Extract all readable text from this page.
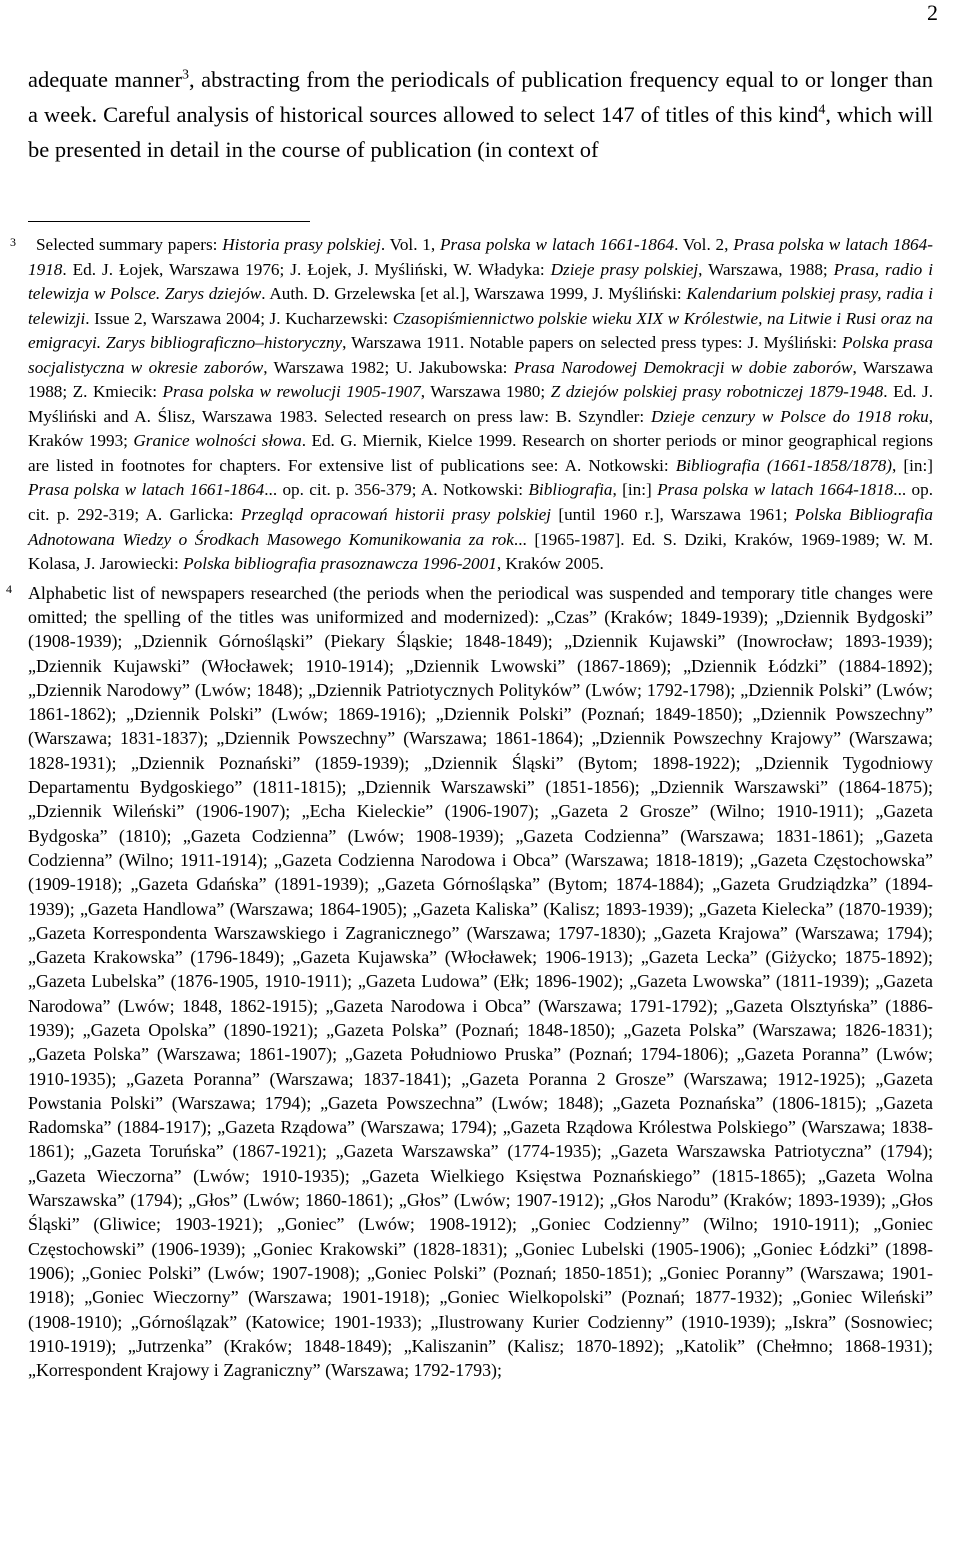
2

adequate manner$^3$, abstracting from the periodicals of publication frequency equal to or longer than a week. Careful analysis of historical sources allowed to select 147 of titles of this kind$^4$, which will be presented in detail in the course of publication (in context of

3 Selected summary papers: Historia prasy polskiej. Vol. 1, Prasa polska w latach 1661-1864. Vol. 2, Prasa polska w latach 1864-1918. Ed. J. Łojek, Warszawa 1976; J. Łojek, J. Myśliński, W. Władyka: Dzieje prasy polskiej, Warszawa, 1988; Prasa, radio i telewizja w Polsce. Zarys dziejów. Auth. D. Grzelewska [et al.], Warszawa 1999, J. Myśliński: Kalendarium polskiej prasy, radia i telewizji. Issue 2, Warszawa 2004; J. Kucharzewski: Czasopiśmiennictwo polskie wieku XIX w Królestwie, na Litwie i Rusi oraz na emigracyi. Zarys bibliograficzno–historyczny, Warszawa 1911. Notable papers on selected press types: J. Myśliński: Polska prasa socjalistyczna w okresie zaborów, Warszawa 1982; U. Jakubowska: Prasa Narodowej Demokracji w dobie zaborów, Warszawa 1988; Z. Kmiecik: Prasa polska w rewolucji 1905-1907, Warszawa 1980; Z dziejów polskiej prasy robotniczej 1879-1948. Ed. J. Myśliński and A. Ślisz, Warszawa 1983. Selected research on press law: B. Szyndler: Dzieje cenzury w Polsce do 1918 roku, Kraków 1993; Granice wolności słowa. Ed. G. Miernik, Kielce 1999. Research on shorter periods or minor geographical regions are listed in footnotes for chapters. For extensive list of publications see: A. Notkowski: Bibliografia (1661-1858/1878), [in:] Prasa polska w latach 1661-1864... op. cit. p. 356-379; A. Notkowski: Bibliografia, [in:] Prasa polska w latach 1664-1818... op. cit. p. 292-319; A. Garlicka: Przegląd opracowań historii prasy polskiej [until 1960 r.], Warszawa 1961; Polska Bibliografia Adnotowana Wiedzy o Środkach Masowego Komunikowania za rok... [1965-1987]. Ed. S. Dziki, Kraków, 1969-1989; W. M. Kolasa, J. Jarowiecki: Polska bibliografia prasoznawcza 1996-2001, Kraków 2005.

4 Alphabetic list of newspapers researched (the periods when the periodical was suspended and temporary title changes were omitted; the spelling of the titles was uniformized and modernized): „Czas” (Kraków; 1849-1939); „Dziennik Bydgoski” (1908-1939); „Dziennik Górnośląski” (Piekary Śląskie; 1848-1849); „Dziennik Kujawski” (Inowrocław; 1893-1939); „Dziennik Kujawski” (Włocławek; 1910-1914); „Dziennik Lwowski” (1867-1869); „Dziennik Łódzki” (1884-1892); „Dziennik Narodowy” (Lwów; 1848); „Dziennik Patriotycznych Polityków” (Lwów; 1792-1798); „Dziennik Polski” (Lwów; 1861-1862); „Dziennik Polski” (Lwów; 1869-1916); „Dziennik Polski” (Poznań; 1849-1850); „Dziennik Powszechny” (Warszawa; 1831-1837); „Dziennik Powszechny” (Warszawa; 1861-1864); „Dziennik Powszechny Krajowy” (Warszawa; 1828-1931); „Dziennik Poznański” (1859-1939); „Dziennik Śląski” (Bytom; 1898-1922); „Dziennik Tygodniowy Departamentu Bydgoskiego” (1811-1815); „Dziennik Warszawski” (1851-1856); „Dziennik Warszawski” (1864-1875); „Dziennik Wileński” (1906-1907); „Echa Kieleckie” (1906-1907); „Gazeta 2 Grosze” (Wilno; 1910-1911); „Gazeta Bydgoska” (1810); „Gazeta Codzienna” (Lwów; 1908-1939); „Gazeta Codzienna” (Warszawa; 1831-1861); „Gazeta Codzienna” (Wilno; 1911-1914); „Gazeta Codzienna Narodowa i Obca” (Warszawa; 1818-1819); „Gazeta Częstochowska” (1909-1918); „Gazeta Gdańska” (1891-1939); „Gazeta Górnośląska” (Bytom; 1874-1884); „Gazeta Grudziądzka” (1894-1939); „Gazeta Handlowa” (Warszawa; 1864-1905); „Gazeta Kaliska” (Kalisz; 1893-1939); „Gazeta Kielecka” (1870-1939); „Gazeta Korrespondenta Warszawskiego i Zagranicznego” (Warszawa; 1797-1830); „Gazeta Krajowa” (Warszawa; 1794); „Gazeta Krakowska” (1796-1849); „Gazeta Kujawska” (Włocławek; 1906-1913); „Gazeta Lecka” (Giżycko; 1875-1892); „Gazeta Lubelska” (1876-1905, 1910-1911); „Gazeta Ludowa” (Ełk; 1896-1902); „Gazeta Lwowska” (1811-1939); „Gazeta Narodowa” (Lwów; 1848, 1862-1915); „Gazeta Narodowa i Obca” (Warszawa; 1791-1792); „Gazeta Olsztyńska” (1886-1939); „Gazeta Opolska” (1890-1921); „Gazeta Polska” (Poznań; 1848-1850); „Gazeta Polska” (Warszawa; 1826-1831); „Gazeta Polska” (Warszawa; 1861-1907); „Gazeta Południowo Pruska” (Poznań; 1794-1806); „Gazeta Poranna” (Lwów; 1910-1935); „Gazeta Poranna” (Warszawa; 1837-1841); „Gazeta Poranna 2 Grosze” (Warszawa; 1912-1925); „Gazeta Powstania Polski” (Warszawa; 1794); „Gazeta Powszechna” (Lwów; 1848); „Gazeta Poznańska” (1806-1815); „Gazeta Radomska” (1884-1917); „Gazeta Rządowa” (Warszawa; 1794); „Gazeta Rządowa Królestwa Polskiego” (Warszawa; 1838-1861); „Gazeta Toruńska” (1867-1921); „Gazeta Warszawska” (1774-1935); „Gazeta Warszawska Patriotyczna” (1794); „Gazeta Wieczorna” (Lwów; 1910-1935); „Gazeta Wielkiego Księstwa Poznańskiego” (1815-1865); „Gazeta Wolna Warszawska” (1794); „Głos” (Lwów; 1860-1861); „Głos” (Lwów; 1907-1912); „Głos Narodu” (Kraków; 1893-1939); „Głos Śląski” (Gliwice; 1903-1921); „Goniec” (Lwów; 1908-1912); „Goniec Codzienny” (Wilno; 1910-1911); „Goniec Częstochowski” (1906-1939); „Goniec Krakowski” (1828-1831); „Goniec Lubelski (1905-1906); „Goniec Łódzki” (1898-1906); „Goniec Polski” (Lwów; 1907-1908); „Goniec Polski” (Poznań; 1850-1851); „Goniec Poranny” (Warszawa; 1901-1918); „Goniec Wieczorny” (Warszawa; 1901-1918); „Goniec Wielkopolski” (Poznań; 1877-1932); „Goniec Wileński” (1908-1910); „Górnoślązak” (Katowice; 1901-1933); „Ilustrowany Kurier Codzienny” (1910-1939); „Iskra” (Sosnowiec; 1910-1919); „Jutrzenka” (Kraków; 1848-1849); „Kaliszanin” (Kalisz; 1870-1892); „Katolik” (Chełmno; 1868-1931); „Korrespondent Krajowy i Zagraniczny” (Warszawa; 1792-1793);
